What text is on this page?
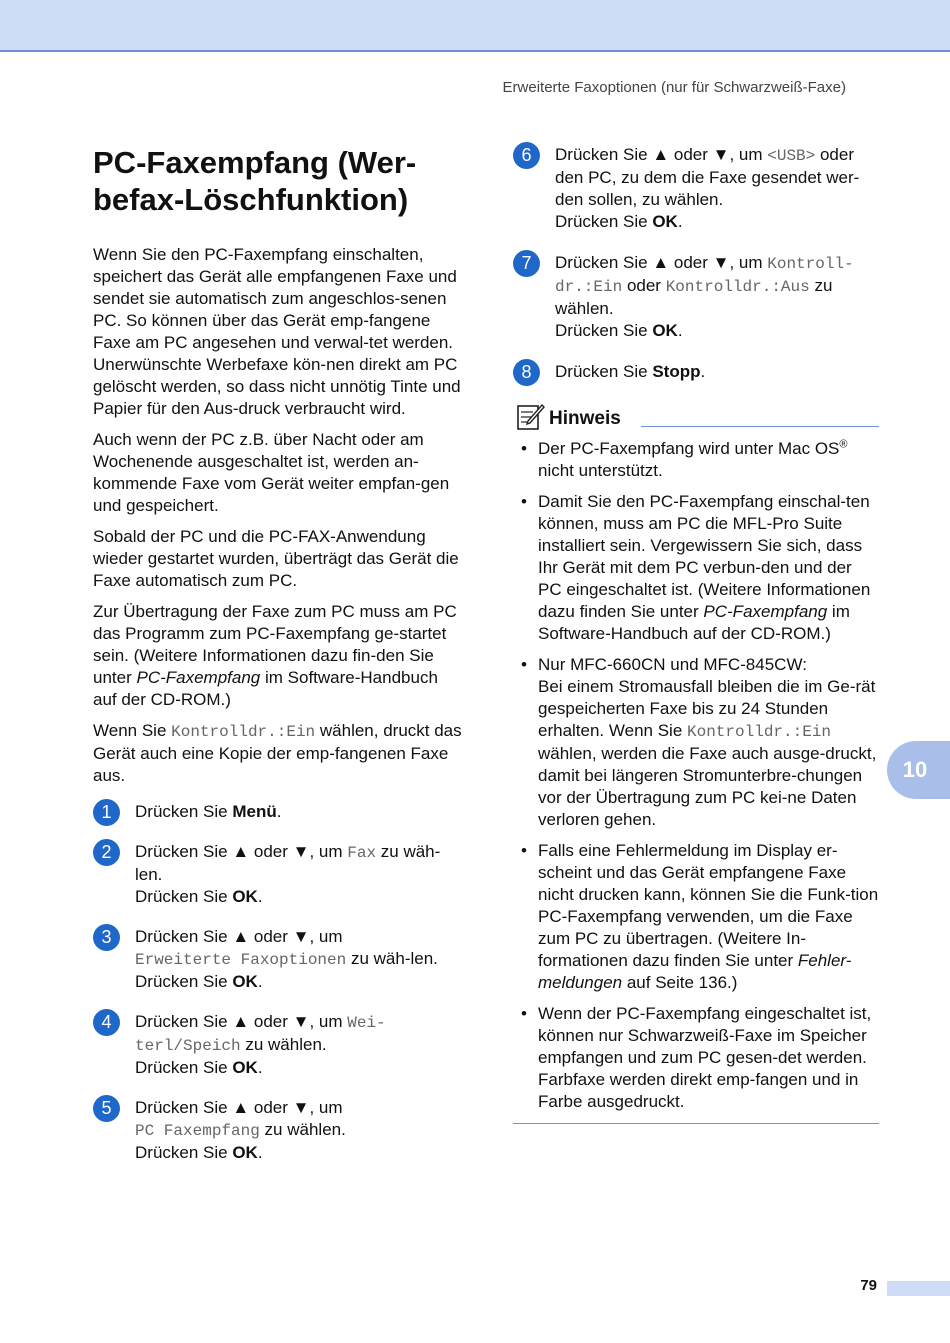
Erweiterte Faxoptionen (nur für Schwarzweiß-Faxe)
PC-Faxempfang (Wer-
befax-Löschfunktion)

Wenn Sie den PC-Faxempfang einschalten, speichert das Gerät alle empfangenen Faxe und sendet sie automatisch zum angeschlos-senen PC. So können über das Gerät emp-fangene Faxe am PC angesehen und verwal-tet werden. Unerwünschte Werbefaxe kön-nen direkt am PC gelöscht werden, so dass nicht unnötig Tinte und Papier für den Aus-druck verbraucht wird.

Auch wenn der PC z.B. über Nacht oder am Wochenende ausgeschaltet ist, werden an-kommende Faxe vom Gerät weiter empfan-gen und gespeichert.

Sobald der PC und die PC-FAX-Anwendung wieder gestartet wurden, überträgt das Gerät die Faxe automatisch zum PC.

Zur Übertragung der Faxe zum PC muss am PC das Programm zum PC-Faxempfang ge-startet sein. (Weitere Informationen dazu fin-den Sie unter PC-Faxempfang im Software-Handbuch auf der CD-ROM.)

Wenn Sie Kontrolldr.:Ein wählen, druckt das Gerät auch eine Kopie der emp-fangenen Faxe aus.

1	Drücken Sie Menü.
2	Drücken Sie ▲ oder ▼, um Fax zu wäh-len.
Drücken Sie OK.
3	Drücken Sie ▲ oder ▼, um
Erweiterte Faxoptionen zu wäh-len.
Drücken Sie OK.
4	Drücken Sie ▲ oder ▼, um Wei-
terl/Speich zu wählen.
Drücken Sie OK.
5	Drücken Sie ▲ oder ▼, um
PC Faxempfang zu wählen.
Drücken Sie OK.
6	Drücken Sie ▲ oder ▼, um <USB> oder den PC, zu dem die Faxe gesendet wer-den sollen, zu wählen.
Drücken Sie OK.
7	Drücken Sie ▲ oder ▼, um Kontroll-dr.:Ein oder Kontrolldr.:Aus zu wählen.
Drücken Sie OK.
8	Drücken Sie Stopp.
Hinweis
• Der PC-Faxempfang wird unter Mac OS® nicht unterstützt.
• Damit Sie den PC-Faxempfang einschal-ten können, muss am PC die MFL-Pro Suite installiert sein. Vergewissern Sie sich, dass Ihr Gerät mit dem PC verbun-den und der PC eingeschaltet ist. (Weitere Informationen dazu finden Sie unter PC-Faxempfang im Software-Handbuch auf der CD-ROM.)
• Nur MFC-660CN und MFC-845CW:
Bei einem Stromausfall bleiben die im Ge-rät gespeicherten Faxe bis zu 24 Stunden erhalten. Wenn Sie Kontrolldr.:Ein wählen, werden die Faxe auch ausge-druckt, damit bei längeren Stromunterbre-chungen vor der Übertragung zum PC kei-ne Daten verloren gehen.
• Falls eine Fehlermeldung im Display er-scheint und das Gerät empfangene Faxe nicht drucken kann, können Sie die Funk-tion PC-Faxempfang verwenden, um die Faxe zum PC zu übertragen. (Weitere In-formationen dazu finden Sie unter Fehler-meldungen auf Seite 136.)
• Wenn der PC-Faxempfang eingeschaltet ist, können nur Schwarzweiß-Faxe im Speicher empfangen und zum PC gesen-det werden. Farbfaxe werden direkt emp-fangen und in Farbe ausgedruckt.
10
79
